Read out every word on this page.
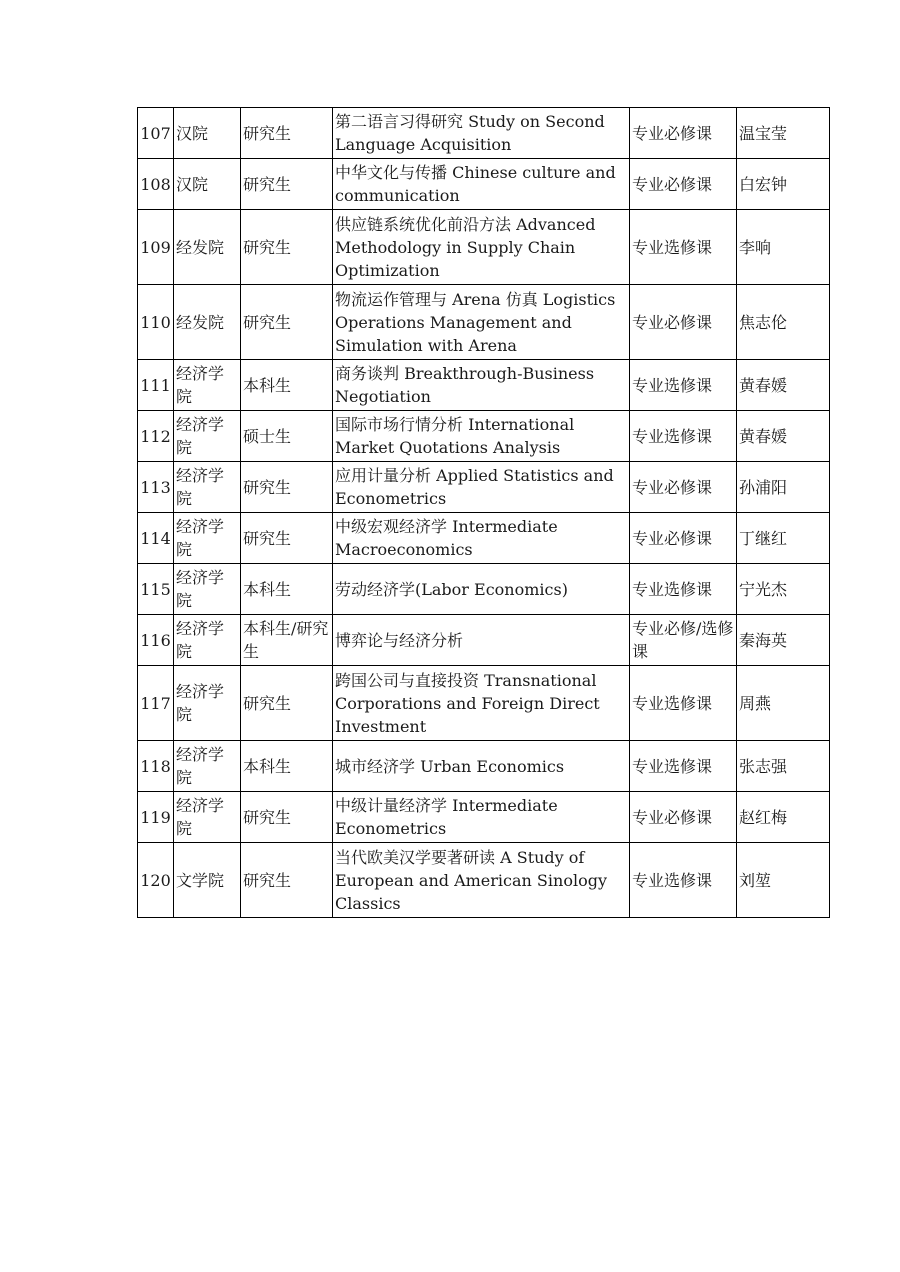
107	汉院	研究生	第二语言习得研究 Study on Second Language Acquisition	专业必修课	温宝莹
108	汉院	研究生	中华文化与传播 Chinese culture and communication	专业必修课	白宏钟
109	经发院	研究生	供应链系统优化前沿方法 Advanced Methodology in Supply Chain Optimization	专业选修课	李响
110	经发院	研究生	物流运作管理与 Arena 仿真 Logistics Operations Management and Simulation with Arena	专业必修课	焦志伦
111	经济学院	本科生	商务谈判 Breakthrough-Business Negotiation	专业选修课	黄春媛
112	经济学院	硕士生	国际市场行情分析 International Market Quotations Analysis	专业选修课	黄春媛
113	经济学院	研究生	应用计量分析 Applied Statistics and Econometrics	专业必修课	孙浦阳
114	经济学院	研究生	中级宏观经济学 Intermediate Macroeconomics	专业必修课	丁继红
115	经济学院	本科生	劳动经济学(Labor Economics)	专业选修课	宁光杰
116	经济学院	本科生/研究生	博弈论与经济分析	专业必修/选修课	秦海英
117	经济学院	研究生	跨国公司与直接投资 Transnational Corporations and Foreign Direct Investment	专业选修课	周燕
118	经济学院	本科生	城市经济学 Urban Economics	专业选修课	张志强
119	经济学院	研究生	中级计量经济学 Intermediate Econometrics	专业必修课	赵红梅
120	文学院	研究生	当代欧美汉学要著研读 A Study of European and American Sinology Classics	专业选修课	刘堃
